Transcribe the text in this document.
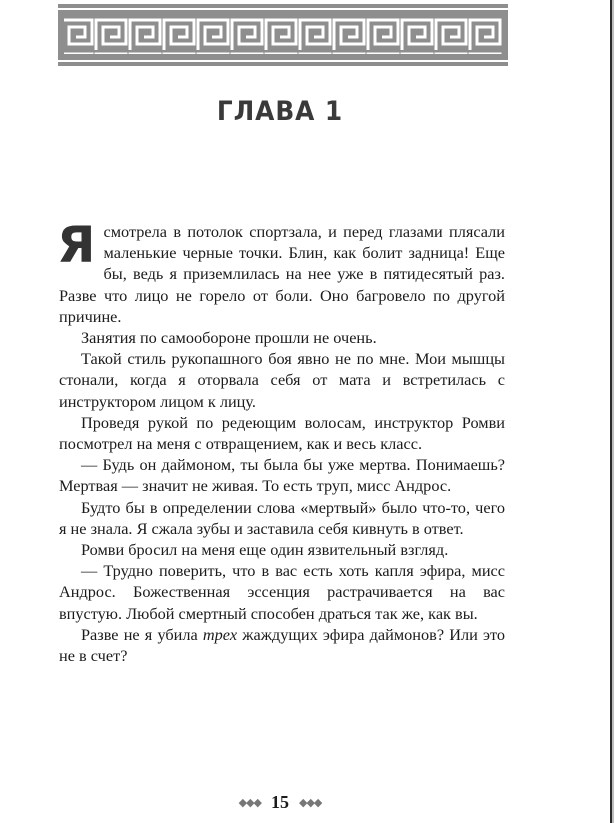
ГЛАВА 1

Ясмотрела в потолок спортзала, и перед глазами плясали маленькие черные точки. Блин, как болит задница! Еще бы, ведь я приземлилась на нее уже в пятидесятый раз. Разве что лицо не горело от боли. Оно багровело по другой причине.

Занятия по самообороне прошли не очень.

Такой стиль рукопашного боя явно не по мне. Мои мышцы стонали, когда я оторвала себя от мата и встретилась с инструктором лицом к лицу.

Проведя рукой по редеющим волосам, инструктор Ромви посмотрел на меня с отвращением, как и весь класс.

— Будь он даймоном, ты была бы уже мертва. Понимаешь? Мертвая — значит не живая. То есть труп, мисс Андрос.

Будто бы в определении слова «мертвый» было что-то, чего я не знала. Я сжала зубы и заставила себя кивнуть в ответ.

Ромви бросил на меня еще один язвительный взгляд.

— Трудно поверить, что в вас есть хоть капля эфира, мисс Андрос. Божественная эссенция растрачивается на вас впустую. Любой смертный способен драться так же, как вы.

Разве не я убила трех жаждущих эфира даймонов? Или это не в счет?

◆◆◆ 15 ◆◆◆
